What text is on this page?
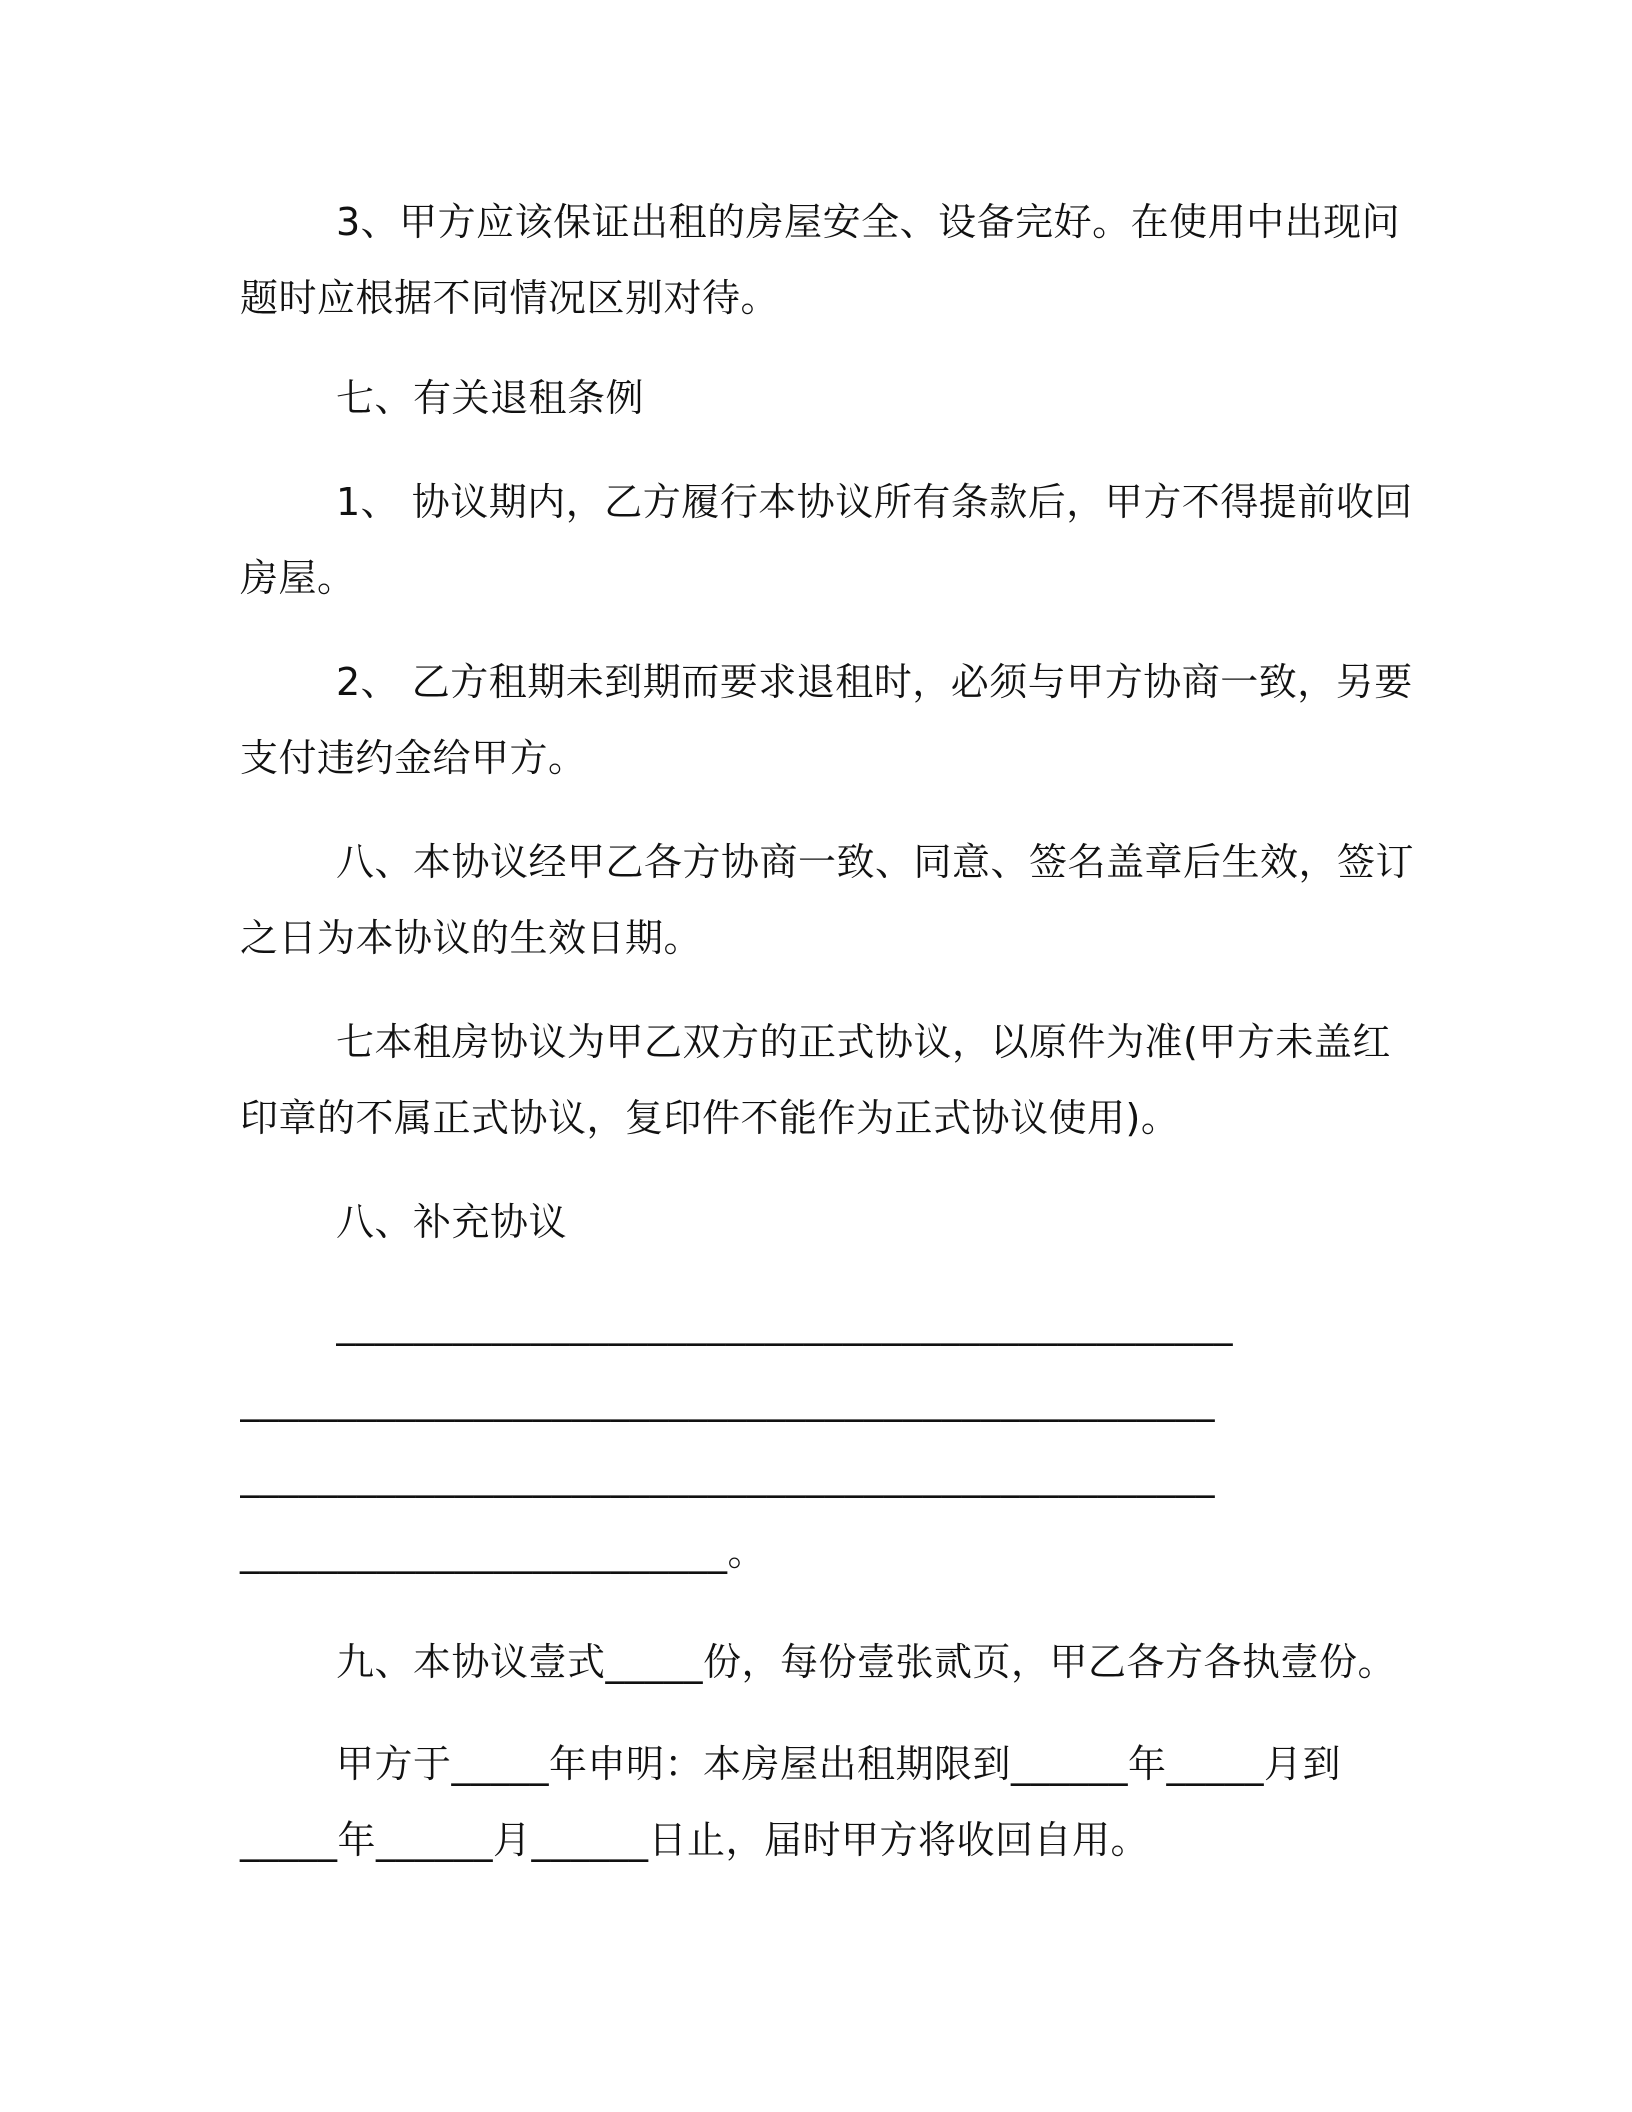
3、甲方应该保证出租的房屋安全、设备完好。在使用中出现问
题时应根据不同情况区别对待。
七、有关退租条例
1、 协议期内，乙方履行本协议所有条款后，甲方不得提前收回
房屋。
2、 乙方租期未到期而要求退租时，必须与甲方协商一致，另要
支付违约金给甲方。
八、本协议经甲乙各方协商一致、同意、签名盖章后生效，签订
之日为本协议的生效日期。
七本租房协议为甲乙双方的正式协议，以原件为准(甲方未盖红
印章的不属正式协议，复印件不能作为正式协议使用)。
八、补充协议
______________________________________________
__________________________________________________
__________________________________________________
_________________________。
九、本协议壹式_____份，每份壹张贰页，甲乙各方各执壹份。
甲方于_____年申明：本房屋出租期限到______年_____月到
_____年______月______日止，届时甲方将收回自用。
